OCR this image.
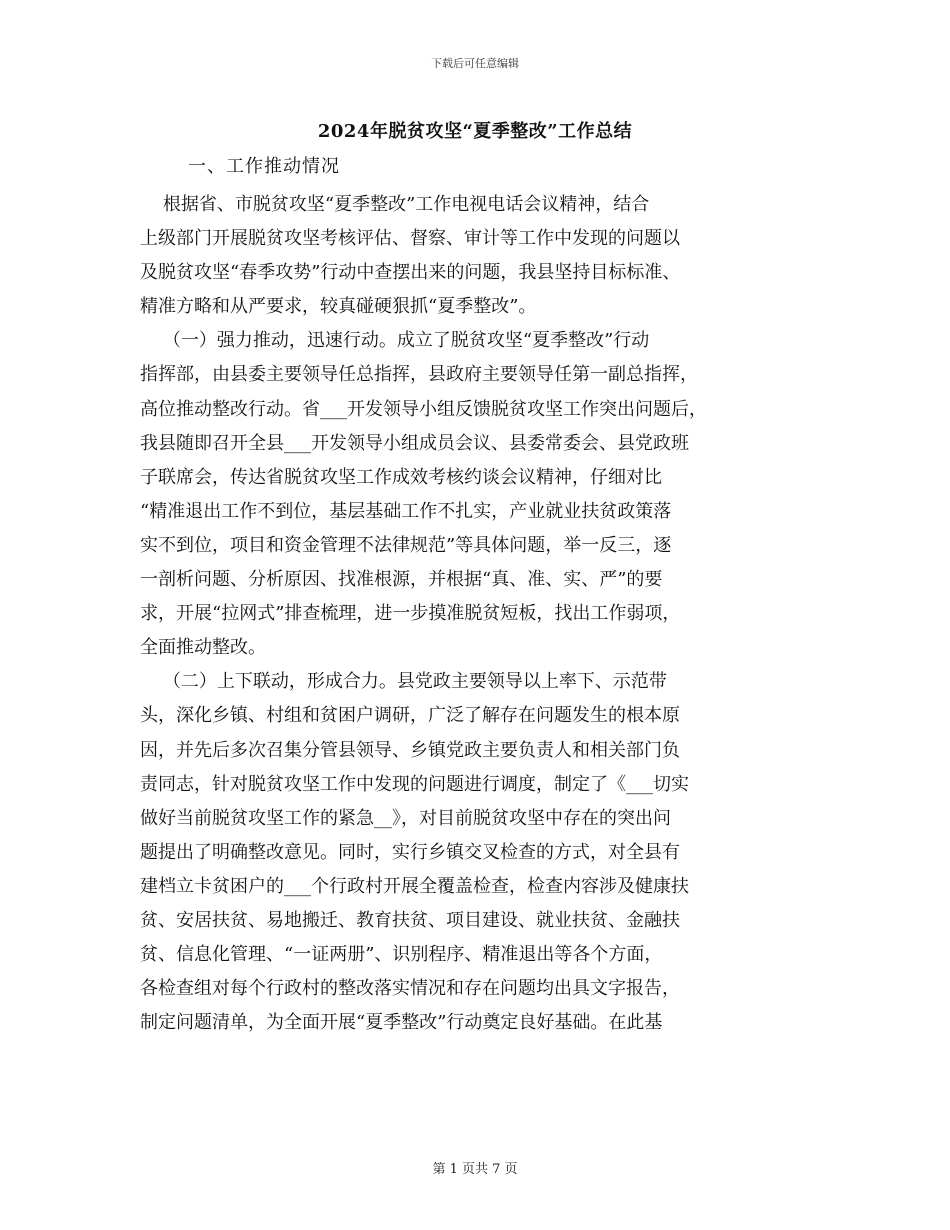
下载后可任意编辑
2024年脱贫攻坚“夏季整改”工作总结
一、工作推动情况

根据省、市脱贫攻坚“夏季整改”工作电视电话会议精神，结合

上级部门开展脱贫攻坚考核评估、督察、审计等工作中发现的问题以

及脱贫攻坚“春季攻势”行动中查摆出来的问题，我县坚持目标标准、

精准方略和从严要求，较真碰硬狠抓“夏季整改”。

（一）强力推动，迅速行动。成立了脱贫攻坚“夏季整改”行动

指挥部，由县委主要领导任总指挥，县政府主要领导任第一副总指挥，

高位推动整改行动。省___开发领导小组反馈脱贫攻坚工作突出问题后，

我县随即召开全县___开发领导小组成员会议、县委常委会、县党政班

子联席会，传达省脱贫攻坚工作成效考核约谈会议精神，仔细对比

“精准退出工作不到位，基层基础工作不扎实，产业就业扶贫政策落

实不到位，项目和资金管理不法律规范”等具体问题，举一反三，逐

一剖析问题、分析原因、找准根源，并根据“真、准、实、严”的要

求，开展“拉网式”排查梳理，进一步摸准脱贫短板，找出工作弱项，

全面推动整改。

（二）上下联动，形成合力。县党政主要领导以上率下、示范带

头，深化乡镇、村组和贫困户调研，广泛了解存在问题发生的根本原

因，并先后多次召集分管县领导、乡镇党政主要负责人和相关部门负

责同志，针对脱贫攻坚工作中发现的问题进行调度，制定了《___切实

做好当前脱贫攻坚工作的紧急__》，对目前脱贫攻坚中存在的突出问

题提出了明确整改意见。同时，实行乡镇交叉检查的方式，对全县有

建档立卡贫困户的___个行政村开展全覆盖检查，检查内容涉及健康扶

贫、安居扶贫、易地搬迁、教育扶贫、项目建设、就业扶贫、金融扶

贫、信息化管理、“一证两册”、识别程序、精准退出等各个方面，

各检查组对每个行政村的整改落实情况和存在问题均出具文字报告，

制定问题清单，为全面开展“夏季整改”行动奠定良好基础。在此基

第 1 页共 7 页
